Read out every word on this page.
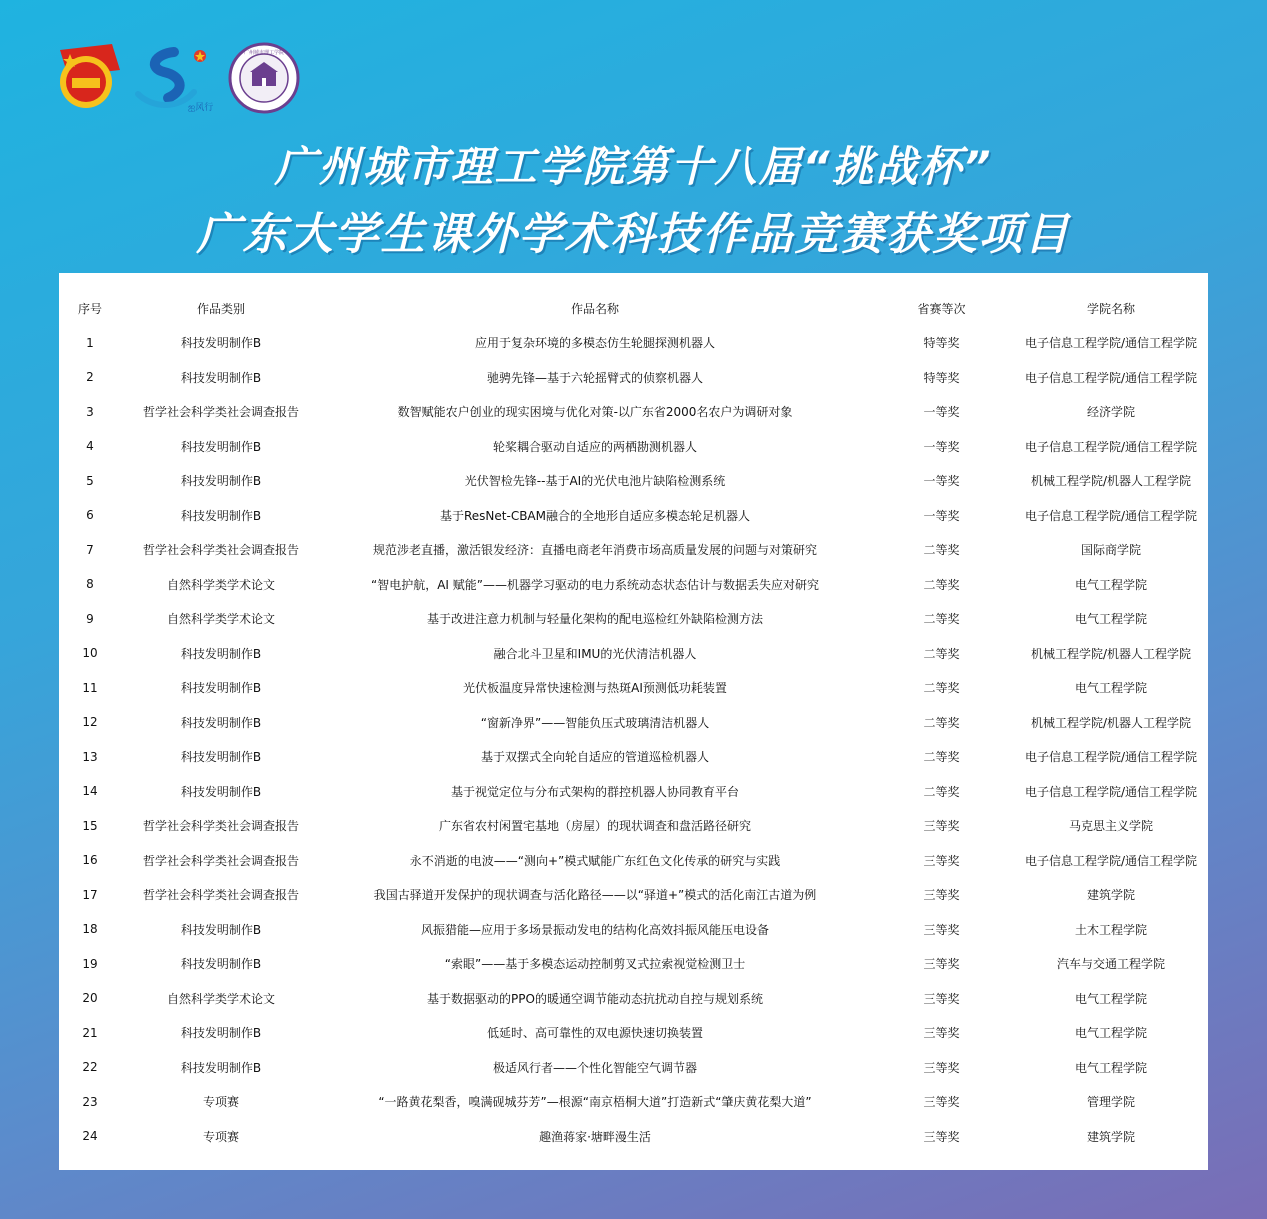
ஐ风行
广州城市理工学院
广州城市理工学院第十八届“挑战杯”
广东大学生课外学术科技作品竞赛获奖项目
序号	作品类别	作品名称	省赛等次	学院名称
1	科技发明制作B	应用于复杂环境的多模态仿生轮腿探测机器人	特等奖	电子信息工程学院/通信工程学院
2	科技发明制作B	驰骋先锋—基于六轮摇臂式的侦察机器人	特等奖	电子信息工程学院/通信工程学院
3	哲学社会科学类社会调查报告	数智赋能农户创业的现实困境与优化对策-以广东省2000名农户为调研对象	一等奖	经济学院
4	科技发明制作B	轮桨耦合驱动自适应的两栖勘测机器人	一等奖	电子信息工程学院/通信工程学院
5	科技发明制作B	光伏智检先锋--基于AI的光伏电池片缺陷检测系统	一等奖	机械工程学院/机器人工程学院
6	科技发明制作B	基于ResNet-CBAM融合的全地形自适应多模态轮足机器人	一等奖	电子信息工程学院/通信工程学院
7	哲学社会科学类社会调查报告	规范涉老直播，激活银发经济：直播电商老年消费市场高质量发展的问题与对策研究	二等奖	国际商学院
8	自然科学类学术论文	“智电护航，AI 赋能”——机器学习驱动的电力系统动态状态估计与数据丢失应对研究	二等奖	电气工程学院
9	自然科学类学术论文	基于改进注意力机制与轻量化架构的配电巡检红外缺陷检测方法	二等奖	电气工程学院
10	科技发明制作B	融合北斗卫星和IMU的光伏清洁机器人	二等奖	机械工程学院/机器人工程学院
11	科技发明制作B	光伏板温度异常快速检测与热斑AI预测低功耗装置	二等奖	电气工程学院
12	科技发明制作B	“窗新净界”——智能负压式玻璃清洁机器人	二等奖	机械工程学院/机器人工程学院
13	科技发明制作B	基于双摆式全向轮自适应的管道巡检机器人	二等奖	电子信息工程学院/通信工程学院
14	科技发明制作B	基于视觉定位与分布式架构的群控机器人协同教育平台	二等奖	电子信息工程学院/通信工程学院
15	哲学社会科学类社会调查报告	广东省农村闲置宅基地（房屋）的现状调查和盘活路径研究	三等奖	马克思主义学院
16	哲学社会科学类社会调查报告	永不消逝的电波——“测向+”模式赋能广东红色文化传承的研究与实践	三等奖	电子信息工程学院/通信工程学院
17	哲学社会科学类社会调查报告	我国古驿道开发保护的现状调查与活化路径——以“驿道+”模式的活化南江古道为例	三等奖	建筑学院
18	科技发明制作B	风振猎能—应用于多场景振动发电的结构化高效抖振风能压电设备	三等奖	土木工程学院
19	科技发明制作B	“索眼”——基于多模态运动控制剪叉式拉索视觉检测卫士	三等奖	汽车与交通工程学院
20	自然科学类学术论文	基于数据驱动的PPO的暖通空调节能动态抗扰动自控与规划系统	三等奖	电气工程学院
21	科技发明制作B	低延时、高可靠性的双电源快速切换装置	三等奖	电气工程学院
22	科技发明制作B	极适风行者——个性化智能空气调节器	三等奖	电气工程学院
23	专项赛	“一路黄花梨香，嗅满砚城芬芳”—根源“南京梧桐大道”打造新式“肇庆黄花梨大道”	三等奖	管理学院
24	专项赛	趣渔蒋家·塘畔漫生活	三等奖	建筑学院
